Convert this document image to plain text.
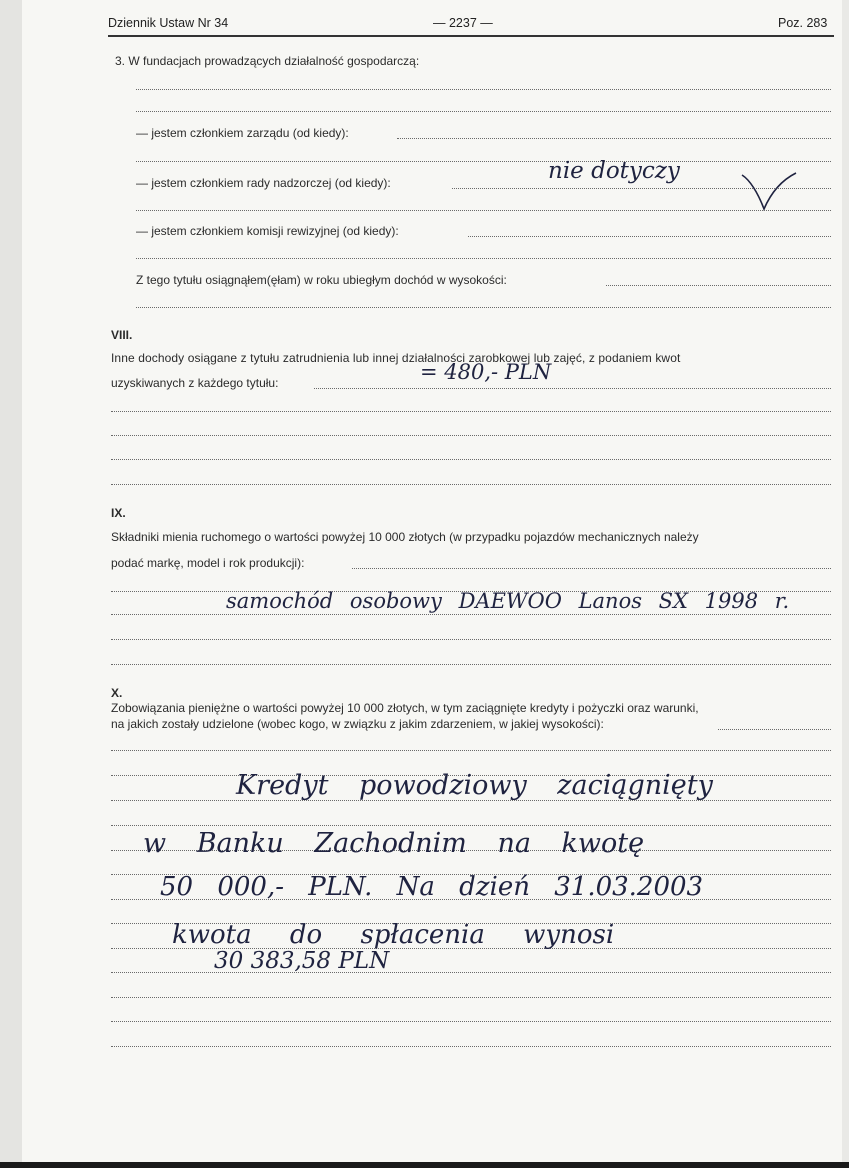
Dziennik Ustaw Nr 34	— 2237 —	Poz. 283
3. W fundacjach prowadzących działalność gospodarczą:
— jestem członkiem zarządu (od kiedy):
— jestem członkiem rady nadzorczej (od kiedy):	nie dotyczy
— jestem członkiem komisji rewizyjnej (od kiedy):
Z tego tytułu osiągnąłem(ęłam) w roku ubiegłym dochód w wysokości:
VIII.
Inne dochody osiągane z tytułu zatrudnienia lub innej działalności zarobkowej lub zajęć, z podaniem kwot
uzyskiwanych z każdego tytułu:	= 480,- PLN
IX.
Składniki mienia ruchomego o wartości powyżej 10 000 złotych (w przypadku pojazdów mechanicznych należy
podać markę, model i rok produkcji):
samochód osobowy DAEWOO Lanos SX 1998 r.
X.
Zobowiązania pieniężne o wartości powyżej 10 000 złotych, w tym zaciągnięte kredyty i pożyczki oraz warunki,
na jakich zostały udzielone (wobec kogo, w związku z jakim zdarzeniem, w jakiej wysokości):
Kredyt powodziowy zaciągnięty
w Banku Zachodnim na kwotę
50 000,- PLN. Na dzień 31.03.2003
kwota do spłacenia wynosi
30 383,58 PLN
